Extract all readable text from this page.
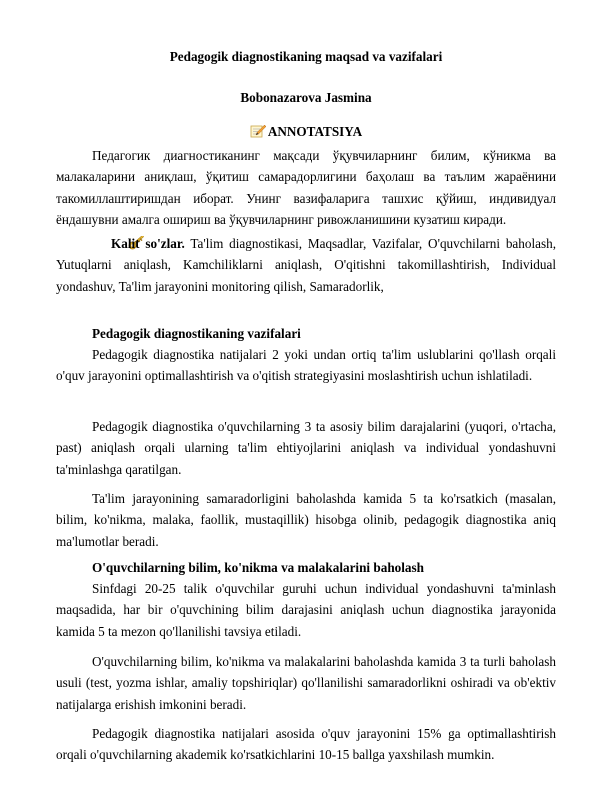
Pedagogik diagnostikaning maqsad va vazifalari
Bobonazarova Jasmina
ANNOTATSIYA

Педагогик диагностиканинг мақсади ўқувчиларнинг билим, кўникма ва малакаларини аниқлаш, ўқитиш самарадорлигини баҳолаш ва таълим жараёнини такомиллаштиришдан иборат. Унинг вазифаларига ташхис қўйиш, индивидуал ёндашувни амалга ошириш ва ўқувчиларнинг ривожланишини кузатиш киради.

Kalit so'zlar. Ta'lim diagnostikasi, Maqsadlar, Vazifalar, O'quvchilarni baholash, Yutuqlarni aniqlash, Kamchiliklarni aniqlash, O'qitishni takomillashtirish, Individual yondashuv, Ta'lim jarayonini monitoring qilish, Samaradorlik,

Pedagogik diagnostikaning vazifalari

Pedagogik diagnostika natijalari 2 yoki undan ortiq ta'lim uslublarini qo'llash orqali o'quv jarayonini optimallashtirish va o'qitish strategiyasini moslashtirish uchun ishlatiladi.

Pedagogik diagnostika o'quvchilarning 3 ta asosiy bilim darajalarini (yuqori, o'rtacha, past) aniqlash orqali ularning ta'lim ehtiyojlarini aniqlash va individual yondashuvni ta'minlashga qaratilgan.

Ta'lim jarayonining samaradorligini baholashda kamida 5 ta ko'rsatkich (masalan, bilim, ko'nikma, malaka, faollik, mustaqillik) hisobga olinib, pedagogik diagnostika aniq ma'lumotlar beradi.

O'quvchilarning bilim, ko'nikma va malakalarini baholash

Sinfdagi 20-25 talik o'quvchilar guruhi uchun individual yondashuvni ta'minlash maqsadida, har bir o'quvchining bilim darajasini aniqlash uchun diagnostika jarayonida kamida 5 ta mezon qo'llanilishi tavsiya etiladi.

O'quvchilarning bilim, ko'nikma va malakalarini baholashda kamida 3 ta turli baholash usuli (test, yozma ishlar, amaliy topshiriqlar) qo'llanilishi samaradorlikni oshiradi va ob'ektiv natijalarga erishish imkonini beradi.

Pedagogik diagnostika natijalari asosida o'quv jarayonini 15% ga optimallashtirish orqali o'quvchilarning akademik ko'rsatkichlarini 10-15 ballga yaxshilash mumkin.
